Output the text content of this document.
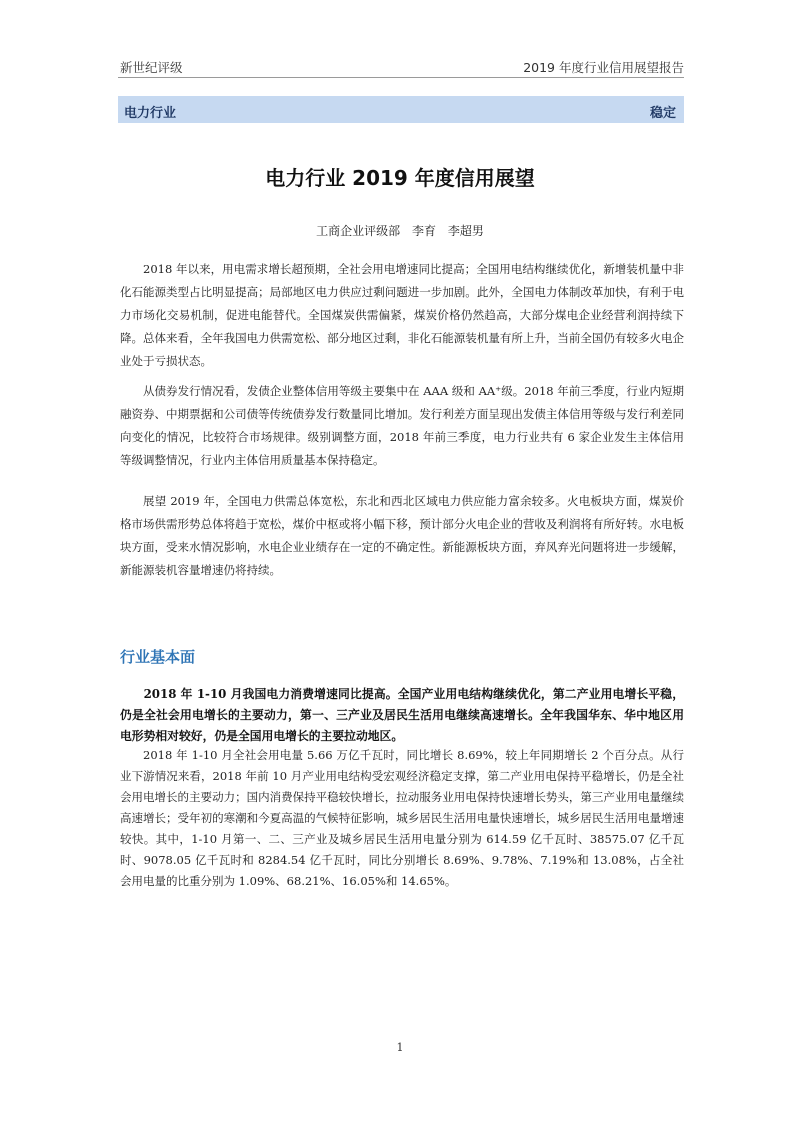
新世纪评级	2019 年度行业信用展望报告
电力行业	稳定
电力行业 2019 年度信用展望
工商企业评级部 李育 李超男

2018 年以来，用电需求增长超预期，全社会用电增速同比提高；全国用电结构继续优化，新增装机量中非化石能源类型占比明显提高；局部地区电力供应过剩问题进一步加剧。此外，全国电力体制改革加快，有利于电力市场化交易机制，促进电能替代。全国煤炭供需偏紧，煤炭价格仍然趋高，大部分煤电企业经营利润持续下降。总体来看，全年我国电力供需宽松、部分地区过剩，非化石能源装机量有所上升，当前全国仍有较多火电企业处于亏损状态。

从债券发行情况看，发债企业整体信用等级主要集中在 AAA 级和 AA⁺级。2018 年前三季度，行业内短期融资券、中期票据和公司债等传统债券发行数量同比增加。发行利差方面呈现出发债主体信用等级与发行利差同向变化的情况，比较符合市场规律。级别调整方面，2018 年前三季度，电力行业共有 6 家企业发生主体信用等级调整情况，行业内主体信用质量基本保持稳定。

展望 2019 年，全国电力供需总体宽松，东北和西北区域电力供应能力富余较多。火电板块方面，煤炭价格市场供需形势总体将趋于宽松，煤价中枢或将小幅下移，预计部分火电企业的营收及利润将有所好转。水电板块方面，受来水情况影响，水电企业业绩存在一定的不确定性。新能源板块方面，弃风弃光问题将进一步缓解，新能源装机容量增速仍将持续。

行业基本面

2018 年 1-10 月我国电力消费增速同比提高。全国产业用电结构继续优化，第二产业用电增长平稳，仍是全社会用电增长的主要动力，第一、三产业及居民生活用电继续高速增长。全年我国华东、华中地区用电形势相对较好，仍是全国用电增长的主要拉动地区。

2018 年 1-10 月全社会用电量 5.66 万亿千瓦时，同比增长 8.69%，较上年同期增长 2 个百分点。从行业下游情况来看，2018 年前 10 月产业用电结构受宏观经济稳定支撑，第二产业用电保持平稳增长，仍是全社会用电增长的主要动力；国内消费保持平稳较快增长，拉动服务业用电保持快速增长势头，第三产业用电量继续高速增长；受年初的寒潮和今夏高温的气候特征影响，城乡居民生活用电量快速增长，城乡居民生活用电量增速较快。其中，1-10 月第一、二、三产业及城乡居民生活用电量分别为 614.59 亿千瓦时、38575.07 亿千瓦时、9078.05 亿千瓦时和 8284.54 亿千瓦时，同比分别增长 8.69%、9.78%、7.19%和 13.08%，占全社会用电量的比重分别为 1.09%、68.21%、16.05%和 14.65%。

1
